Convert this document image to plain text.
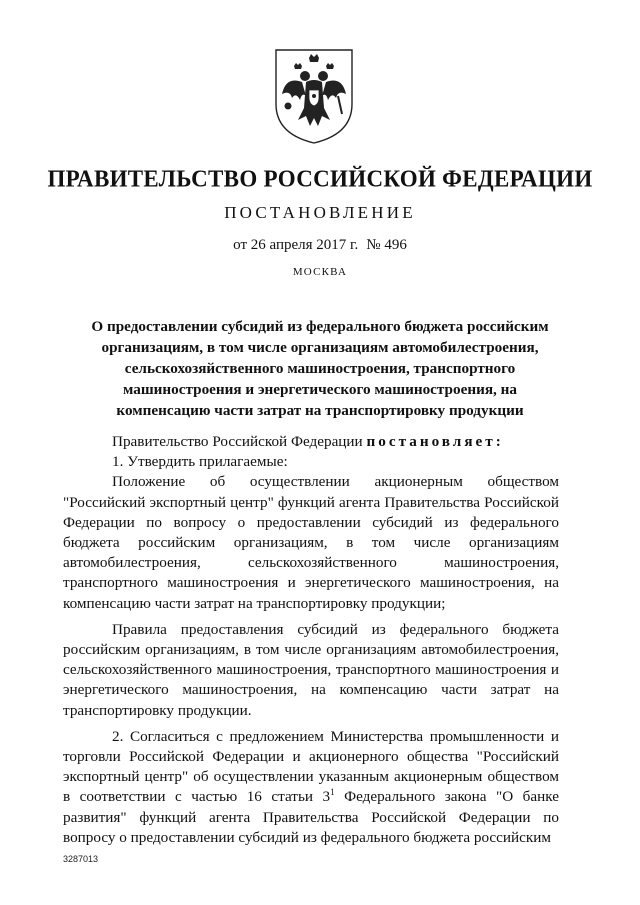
ПРАВИТЕЛЬСТВО РОССИЙСКОЙ ФЕДЕРАЦИИ
ПОСТАНОВЛЕНИЕ
от 26 апреля 2017 г. № 496
МОСКВА
О предоставлении субсидий из федерального бюджета российским организациям, в том числе организациям автомобилестроения, сельскохозяйственного машиностроения, транспортного машиностроения и энергетического машиностроения, на компенсацию части затрат на транспортировку продукции

Правительство Российской Федерации постановляет:

1. Утвердить прилагаемые:

Положение об осуществлении акционерным обществом "Российский экспортный центр" функций агента Правительства Российской Федерации по вопросу о предоставлении субсидий из федерального бюджета российским организациям, в том числе организациям автомобилестроения, сельскохозяйственного машиностроения, транспортного машиностроения и энергетического машиностроения, на компенсацию части затрат на транспортировку продукции;

Правила предоставления субсидий из федерального бюджета российским организациям, в том числе организациям автомобилестроения, сельскохозяйственного машиностроения, транспортного машиностроения и энергетического машиностроения, на компенсацию части затрат на транспортировку продукции.

2. Согласиться с предложением Министерства промышленности и торговли Российской Федерации и акционерного общества "Российский экспортный центр" об осуществлении указанным акционерным обществом в соответствии с частью 16 статьи $3^1$ Федерального закона "О банке развития" функций агента Правительства Российской Федерации по вопросу о предоставлении субсидий из федерального бюджета российским

3287013
